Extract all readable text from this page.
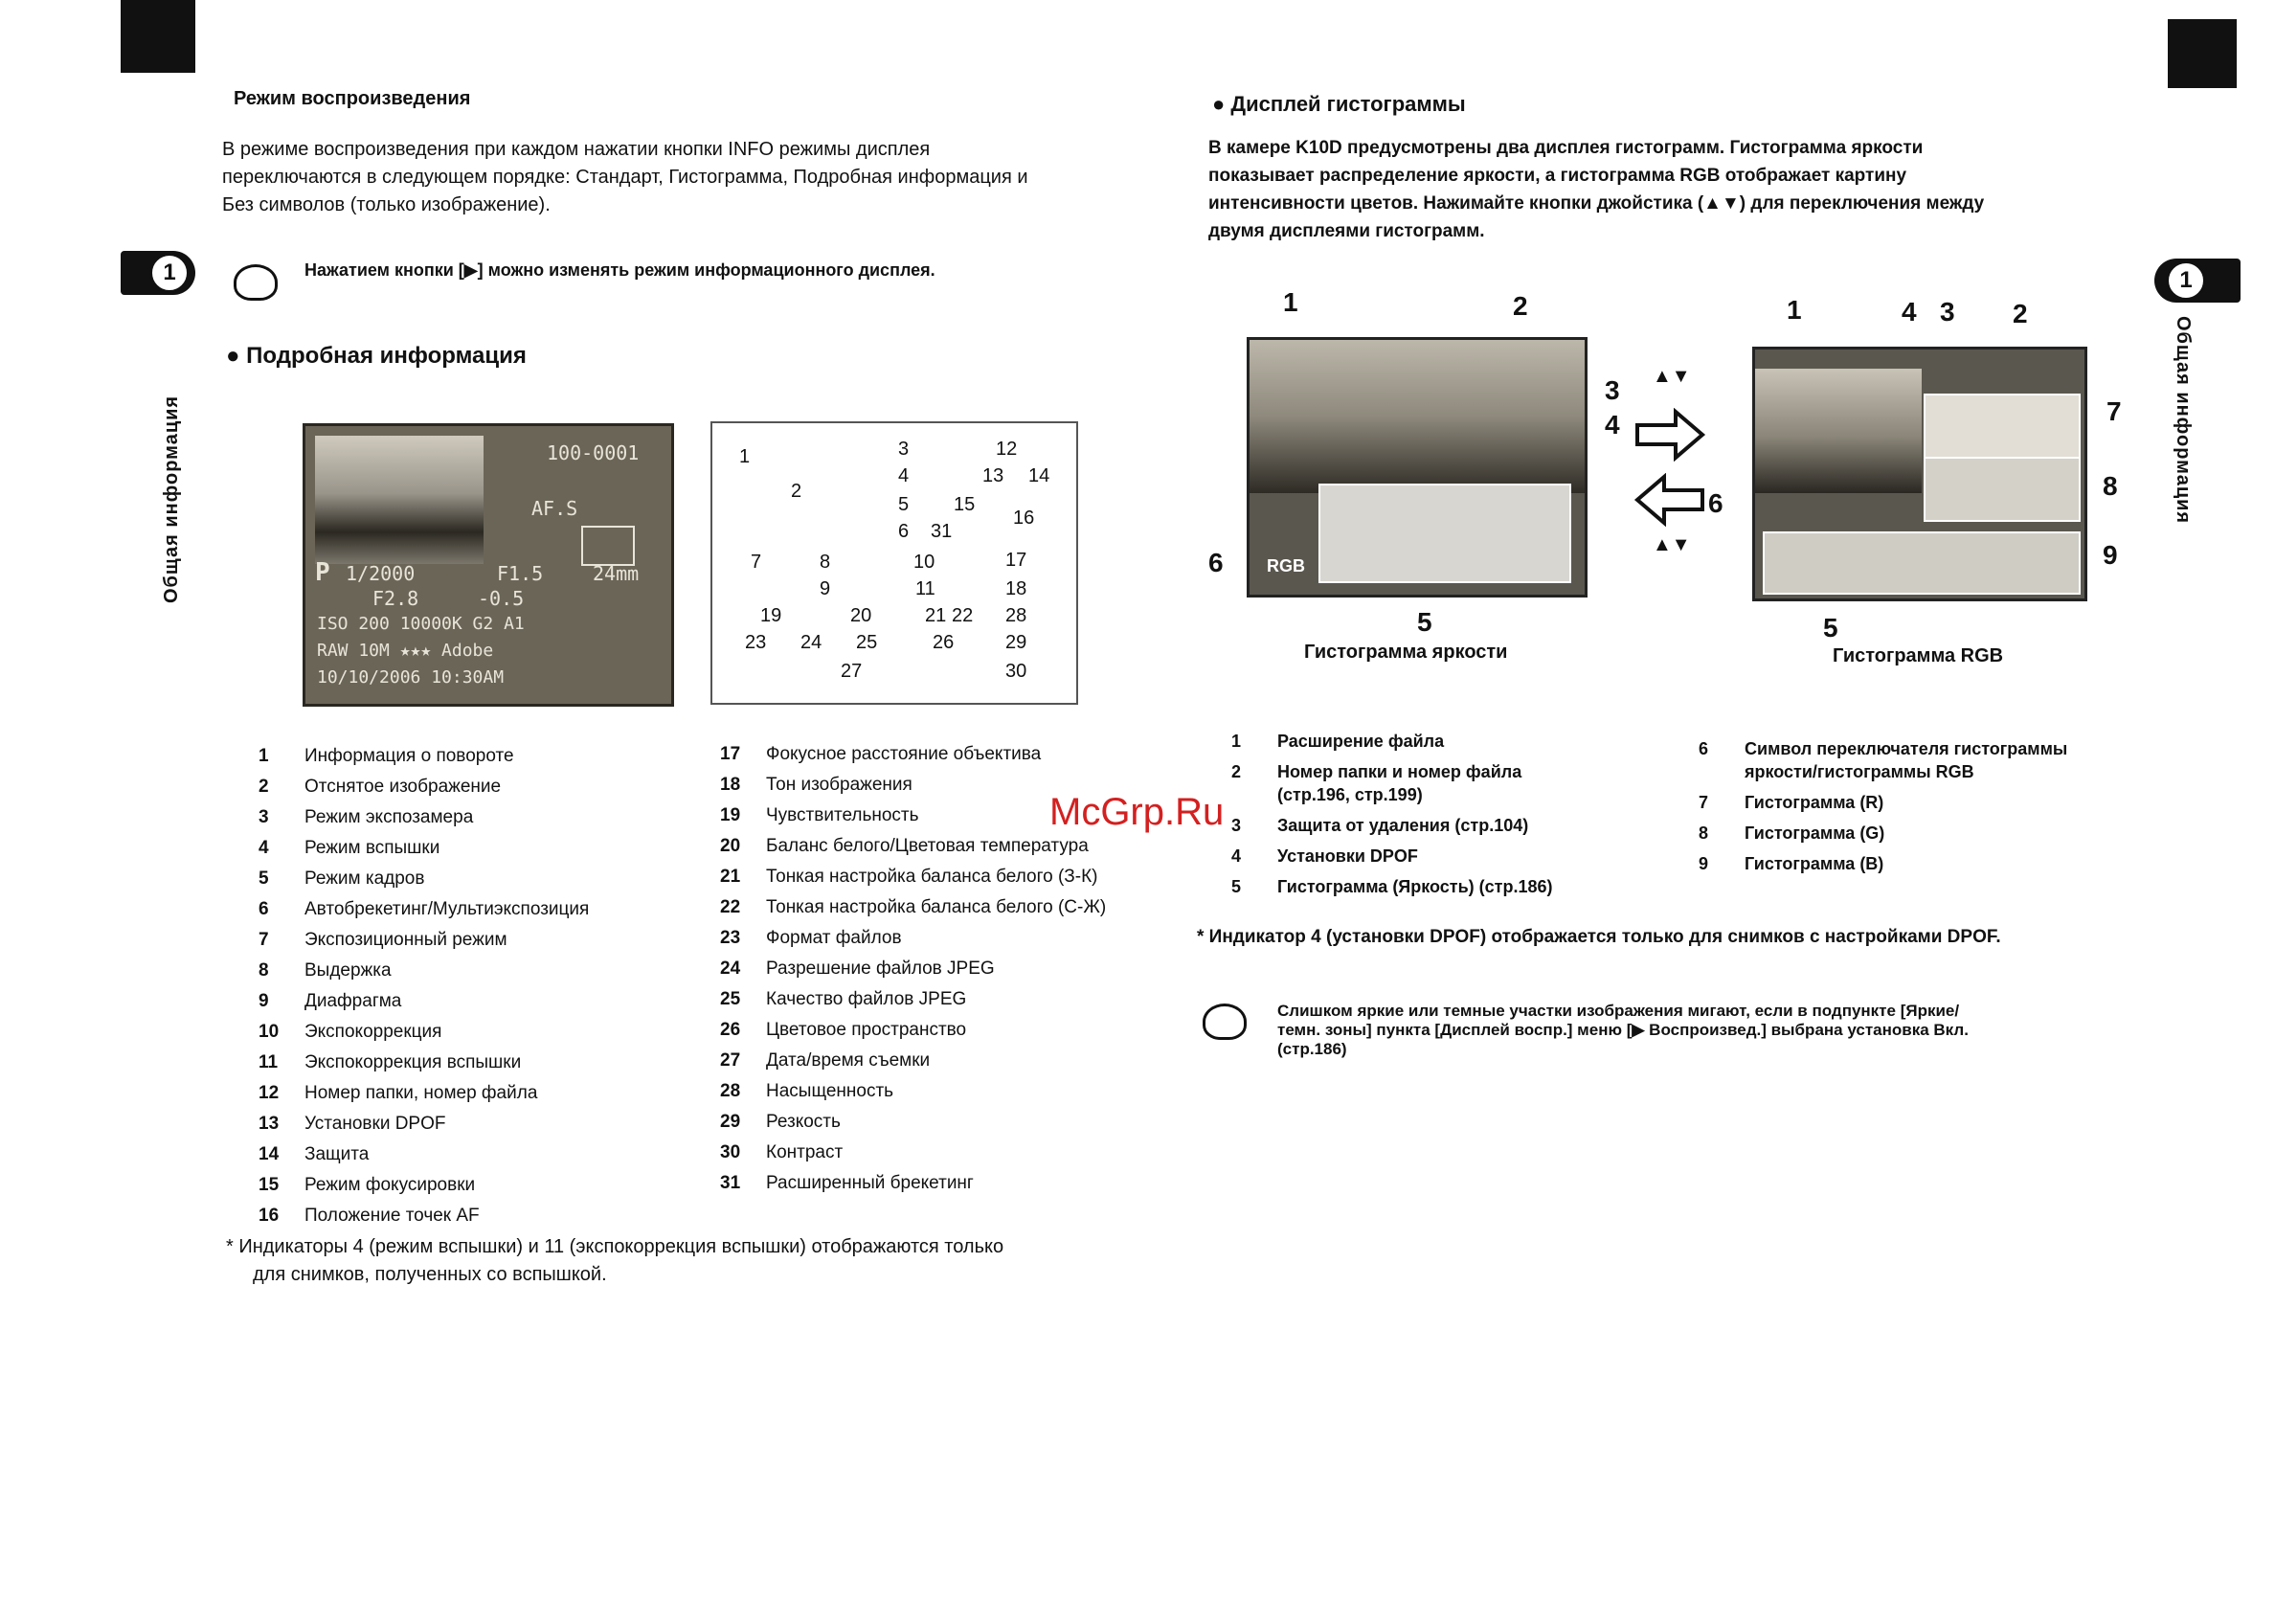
1
Общая информация
1
Общая информация
Режим воспроизведения
В режиме воспроизведения при каждом нажатии кнопки INFO режимы дисплея
переключаются в следующем порядке: Стандарт, Гистограмма, Подробная информация и
Без символов (только изображение).
Нажатием кнопки [▶] можно изменять режим информационного дисплея.
● Подробная информация
100-0001
AF.S
P 1/2000	F1.5	24mm
F2.8	-0.5
ISO 200 10000K G2 A1
RAW 10M ★★★ Adobe
10/10/2006 10:30AM
1
2
3	12
4	13 14
5 15
16
6 31
7	8	10	17
9	11	18
19	20	21 22 28
23 24 25	26	29
27	30
1	Информация о повороте
2	Отснятое изображение
3	Режим экспозамера
4	Режим вспышки
5	Режим кадров
6	Автобрекетинг/Мультиэкспозиция
7	Экспозиционный режим
8	Выдержка
9	Диафрагма
10	Экспокоррекция
11	Экспокоррекция вспышки
12	Номер папки, номер файла
13	Установки DPOF
14	Защита
15	Режим фокусировки
16	Положение точек AF
17	Фокусное расстояние объектива
18	Тон изображения
19	Чувствительность
20	Баланс белого/Цветовая температура
21	Тонкая настройка баланса белого (З-К)
22	Тонкая настройка баланса белого (С-Ж)
23	Формат файлов
24	Разрешение файлов JPEG
25	Качество файлов JPEG
26	Цветовое пространство
27	Дата/время съемки
28	Насыщенность
29	Резкость
30	Контраст
31	Расширенный брекетинг
* Индикаторы 4 (режим вспышки) и 11 (экспокоррекция вспышки) отображаются только
для снимков, полученных со вспышкой.
McGrp.Ru
● Дисплей гистограммы
В камере K10D предусмотрены два дисплея гистограмм. Гистограмма яркости
показывает распределение яркости, а гистограмма RGB отображает картину
интенсивности цветов. Нажимайте кнопки джойстика (▲▼) для переключения между
двумя дисплеями гистограмм.
RGB
1	2
3
4
6
5
Гистограмма яркости
▲▼
▲▼
1	4 3 2
7
8
6
9
5
Гистограмма RGB
1	Расширение файла
2	Номер папки и номер файла
(стр.196, стр.199)
3	Защита от удаления (стр.104)
4	Установки DPOF
5	Гистограмма (Яркость) (стр.186)
6	Символ переключателя гистограммы
яркости/гистограммы RGB
7	Гистограмма (R)
8	Гистограмма (G)
9	Гистограмма (B)
* Индикатор 4 (установки DPOF) отображается только для снимков с настройками DPOF.
Слишком яркие или темные участки изображения мигают, если в подпункте [Яркие/
темн. зоны] пункта [Дисплей воспр.] меню [▶ Воспроизвед.] выбрана установка Вкл.
(стр.186)
